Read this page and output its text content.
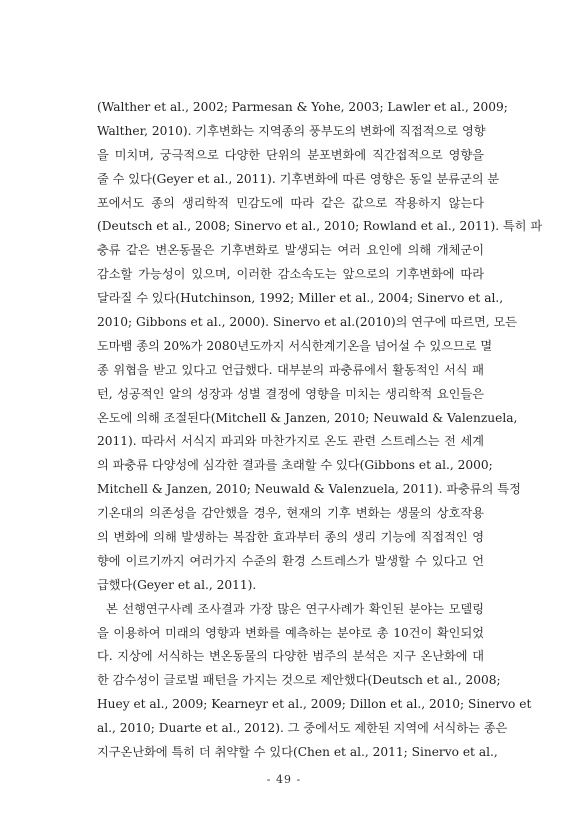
(Walther et al., 2002; Parmesan & Yohe, 2003; Lawler et al., 2009;
Walther, 2010). 기후변화는 지역종의 풍부도의 변화에 직접적으로 영향
을 미치며, 궁극적으로 다양한 단위의 분포변화에 직간접적으로 영향을
줄 수 있다(Geyer et al., 2011). 기후변화에 따른 영향은 동일 분류군의 분
포에서도 종의 생리학적 민감도에 따라 같은 값으로 작용하지 않는다
(Deutsch et al., 2008; Sinervo et al., 2010; Rowland et al., 2011). 특히 파
충류 같은 변온동물은 기후변화로 발생되는 여러 요인에 의해 개체군이
감소할 가능성이 있으며, 이러한 감소속도는 앞으로의 기후변화에 따라
달라질 수 있다(Hutchinson, 1992; Miller et al., 2004; Sinervo et al.,
2010; Gibbons et al., 2000). Sinervo et al.(2010)의 연구에 따르면, 모든
도마뱀 종의 20%가 2080년도까지 서식한계기온을 넘어설 수 있으므로 멸
종 위협을 받고 있다고 언급했다. 대부분의 파충류에서 활동적인 서식 패
턴, 성공적인 알의 성장과 성별 결정에 영향을 미치는 생리학적 요인들은
온도에 의해 조절된다(Mitchell & Janzen, 2010; Neuwald & Valenzuela,
2011). 따라서 서식지 파괴와 마찬가지로 온도 관련 스트레스는 전 세계
의 파충류 다양성에 심각한 결과를 초래할 수 있다(Gibbons et al., 2000;
Mitchell & Janzen, 2010; Neuwald & Valenzuela, 2011). 파충류의 특정
기온대의 의존성을 감안했을 경우, 현재의 기후 변화는 생물의 상호작용
의 변화에 의해 발생하는 복잡한 효과부터 종의 생리 기능에 직접적인 영
향에 이르기까지 여러가지 수준의 환경 스트레스가 발생할 수 있다고 언
급했다(Geyer et al., 2011).
본 선행연구사례 조사결과 가장 많은 연구사례가 확인된 분야는 모델링
을 이용하여 미래의 영향과 변화를 예측하는 분야로 총 10건이 확인되었
다. 지상에 서식하는 변온동물의 다양한 범주의 분석은 지구 온난화에 대
한 감수성이 글로벌 패턴을 가지는 것으로 제안했다(Deutsch et al., 2008;
Huey et al., 2009; Kearneyr et al., 2009; Dillon et al., 2010; Sinervo et
al., 2010; Duarte et al., 2012). 그 중에서도 제한된 지역에 서식하는 종은
지구온난화에 특히 더 취약할 수 있다(Chen et al., 2011; Sinervo et al.,
- 49 -
